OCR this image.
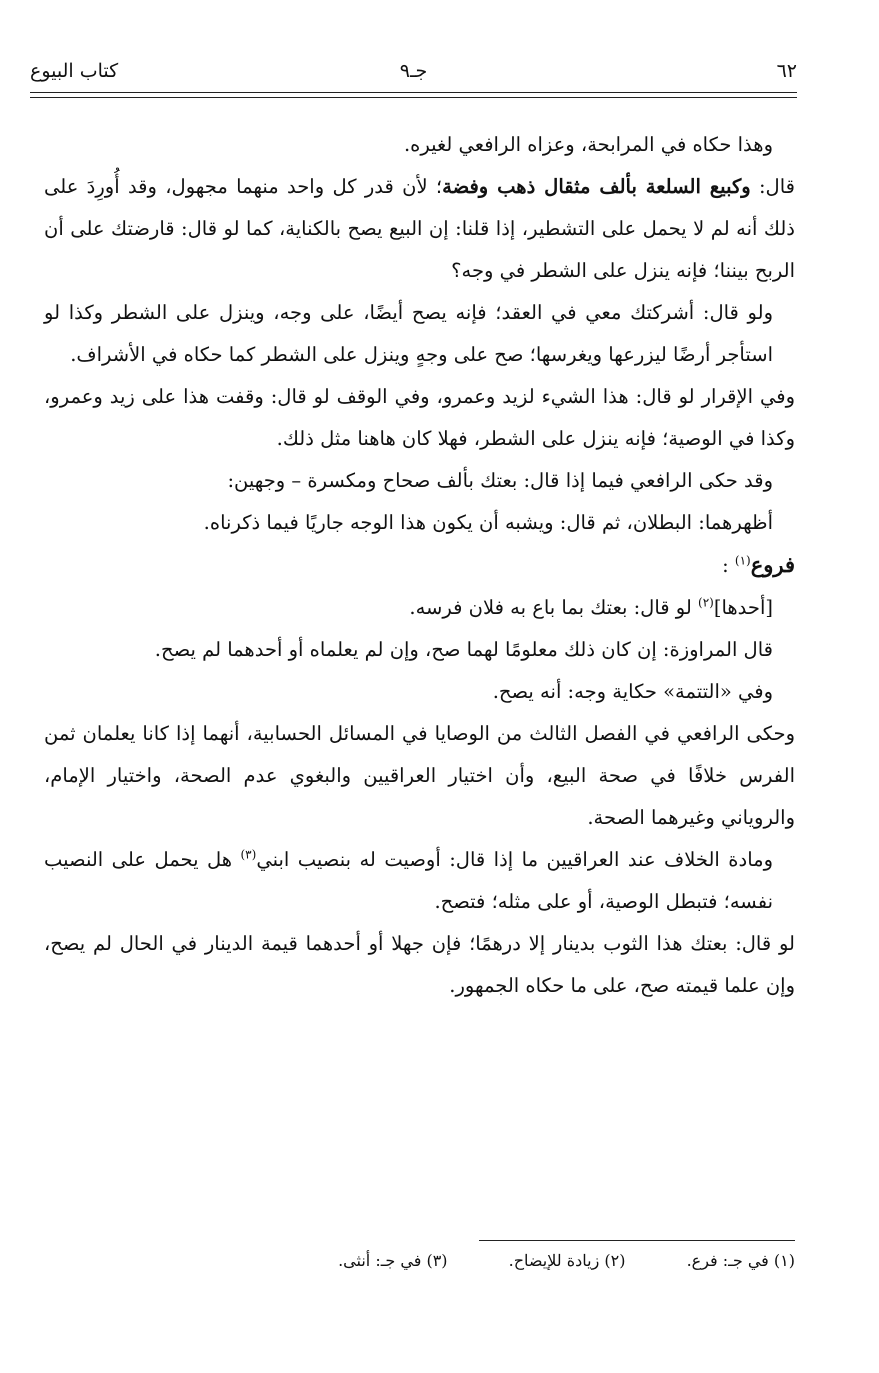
٦٢
جـ٩
كتاب البيوع

وهذا حكاه في المرابحة، وعزاه الرافعي لغيره.

قال: وكبيع السلعة بألف مثقال ذهب وفضة؛ لأن قدر كل واحد منهما مجهول، وقد أُورِدَ على ذلك أنه لم لا يحمل على التشطير، إذا قلنا: إن البيع يصح بالكناية، كما لو قال: قارضتك على أن الربح بيننا؛ فإنه ينزل على الشطر في وجه؟

ولو قال: أشركتك معي في العقد؛ فإنه يصح أيضًا، على وجه، وينزل على الشطر وكذا لو استأجر أرضًا ليزرعها ويغرسها؛ صح على وجهٍ وينزل على الشطر كما حكاه في الأشراف.

وفي الإقرار لو قال: هذا الشيء لزيد وعمرو، وفي الوقف لو قال: وقفت هذا على زيد وعمرو، وكذا في الوصية؛ فإنه ينزل على الشطر، فهلا كان هاهنا مثل ذلك.

وقد حكى الرافعي فيما إذا قال: بعتك بألف صحاح ومكسرة – وجهين:

أظهرهما: البطلان، ثم قال: ويشبه أن يكون هذا الوجه جاريًا فيما ذكرناه.

فروع$^{(١)}$ :

[أحدها]$^{(٢)}$ لو قال: بعتك بما باع به فلان فرسه.

قال المراوزة: إن كان ذلك معلومًا لهما صح، وإن لم يعلماه أو أحدهما لم يصح.

وفي «التتمة» حكاية وجه: أنه يصح.

وحكى الرافعي في الفصل الثالث من الوصايا في المسائل الحسابية، أنهما إذا كانا يعلمان ثمن الفرس خلافًا في صحة البيع، وأن اختيار العراقيين والبغوي عدم الصحة، واختيار الإمام، والروياني وغيرهما الصحة.

ومادة الخلاف عند العراقيين ما إذا قال: أوصيت له بنصيب ابني$^{(٣)}$ هل يحمل على النصيب نفسه؛ فتبطل الوصية، أو على مثله؛ فتصح.

لو قال: بعتك هذا الثوب بدينار إلا درهمًا؛ فإن جهلا أو أحدهما قيمة الدينار في الحال لم يصح، وإن علما قيمته صح، على ما حكاه الجمهور.

(١) في جـ: فرع. (٢) زيادة للإيضاح. (٣) في جـ: أنثى.
